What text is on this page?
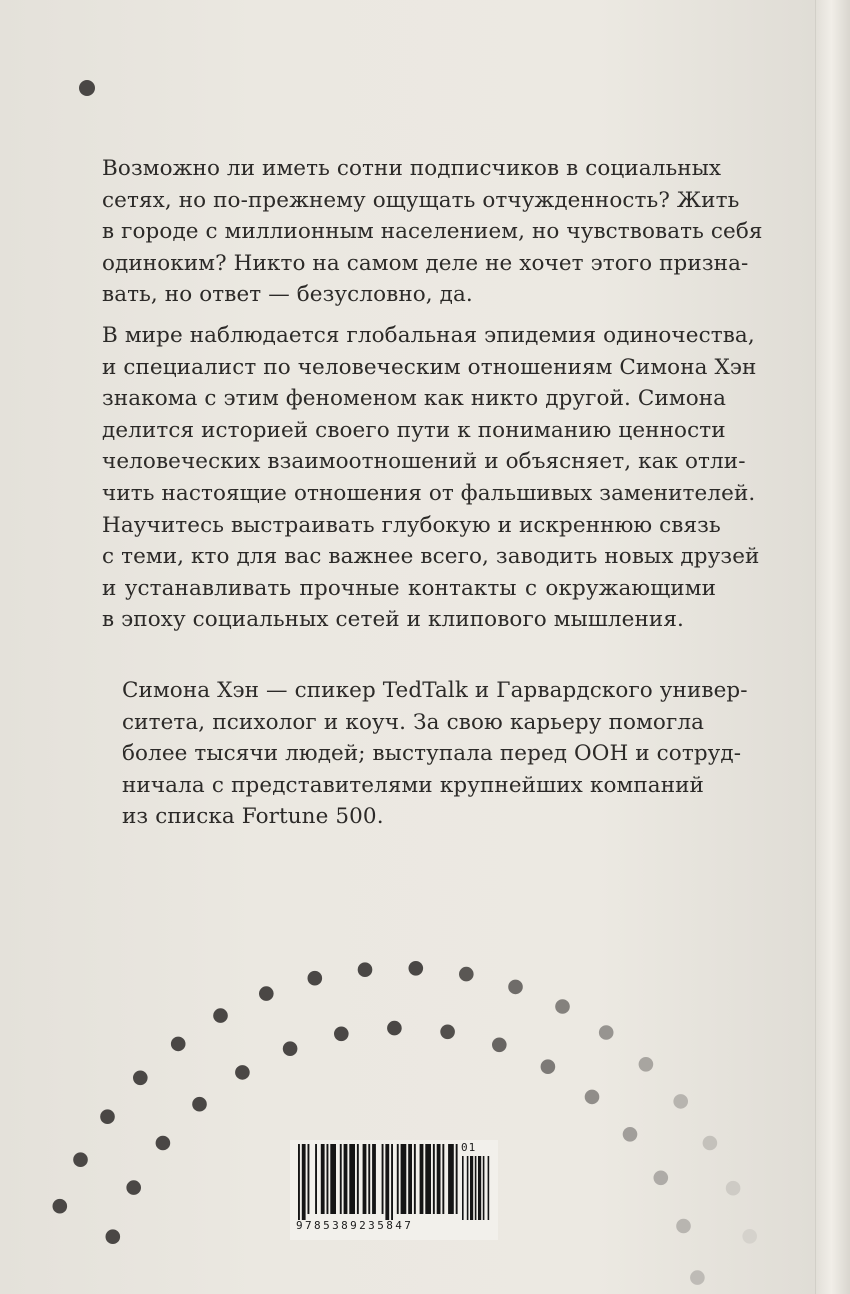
Возможно ли иметь сотни подписчиков в социальных
сетях, но по-прежнему ощущать отчужденность? Жить
в городе с миллионным населением, но чувствовать себя
одиноким? Никто на самом деле не хочет этого призна-
вать, но ответ — безусловно, да.
В мире наблюдается глобальная эпидемия одиночества,
и специалист по человеческим отношениям Симона Хэн
знакома с этим феноменом как никто другой. Симона
делится историей своего пути к пониманию ценности
человеческих взаимоотношений и объясняет, как отли-
чить настоящие отношения от фальшивых заменителей.
Научитесь выстраивать глубокую и искреннюю связь
с теми, кто для вас важнее всего, заводить новых друзей
и устанавливать прочные контакты с окружающими
в эпоху социальных сетей и клипового мышления.
Симона Хэн — спикер TedTalk и Гарвардского универ-
ситета, психолог и коуч. За свою карьеру помогла
более тысячи людей; выступала перед ООН и сотруд-
ничала с представителями крупнейших компаний
из списка Fortune 500.
9785389235847
01
